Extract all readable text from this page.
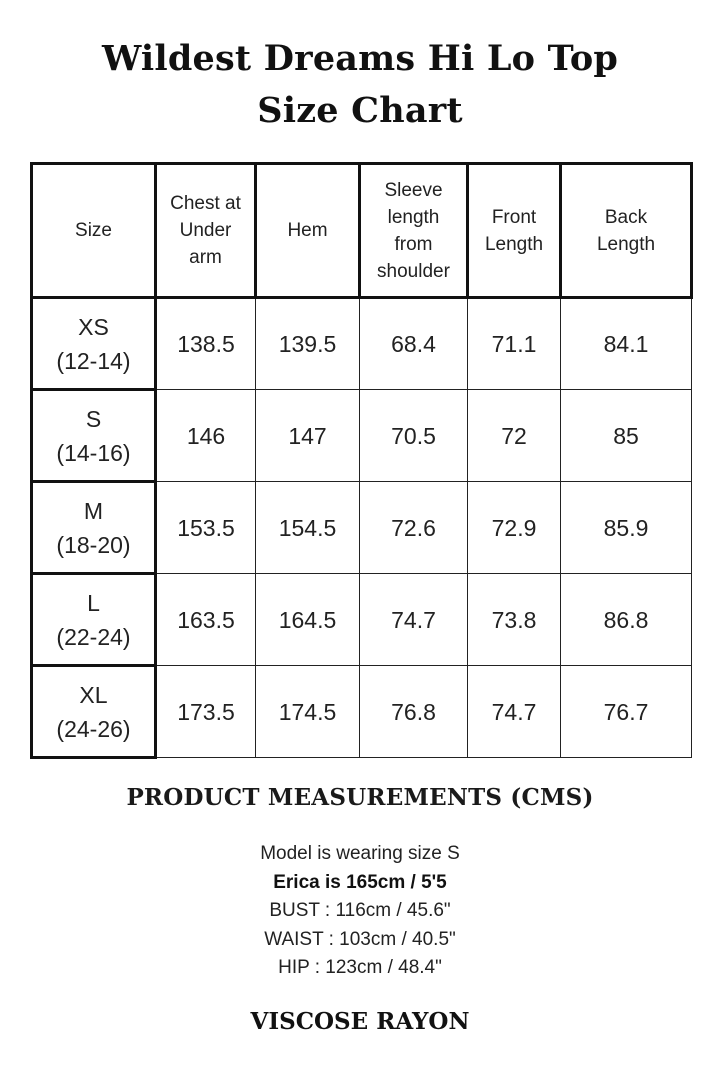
Wildest Dreams Hi Lo Top
Size Chart
Size	Chest at
Under
arm	Hem	Sleeve
length
from
shoulder	Front
Length	Back
Length
XS
(12-14)	138.5	139.5	68.4	71.1	84.1
S
(14-16)	146	147	70.5	72	85
M
(18-20)	153.5	154.5	72.6	72.9	85.9
L
(22-24)	163.5	164.5	74.7	73.8	86.8
XL
(24-26)	173.5	174.5	76.8	74.7	76.7
PRODUCT MEASUREMENTS (CMS)
Model is wearing size S
Erica is 165cm / 5'5
BUST : 116cm / 45.6"
WAIST : 103cm / 40.5"
HIP : 123cm / 48.4"
VISCOSE RAYON
